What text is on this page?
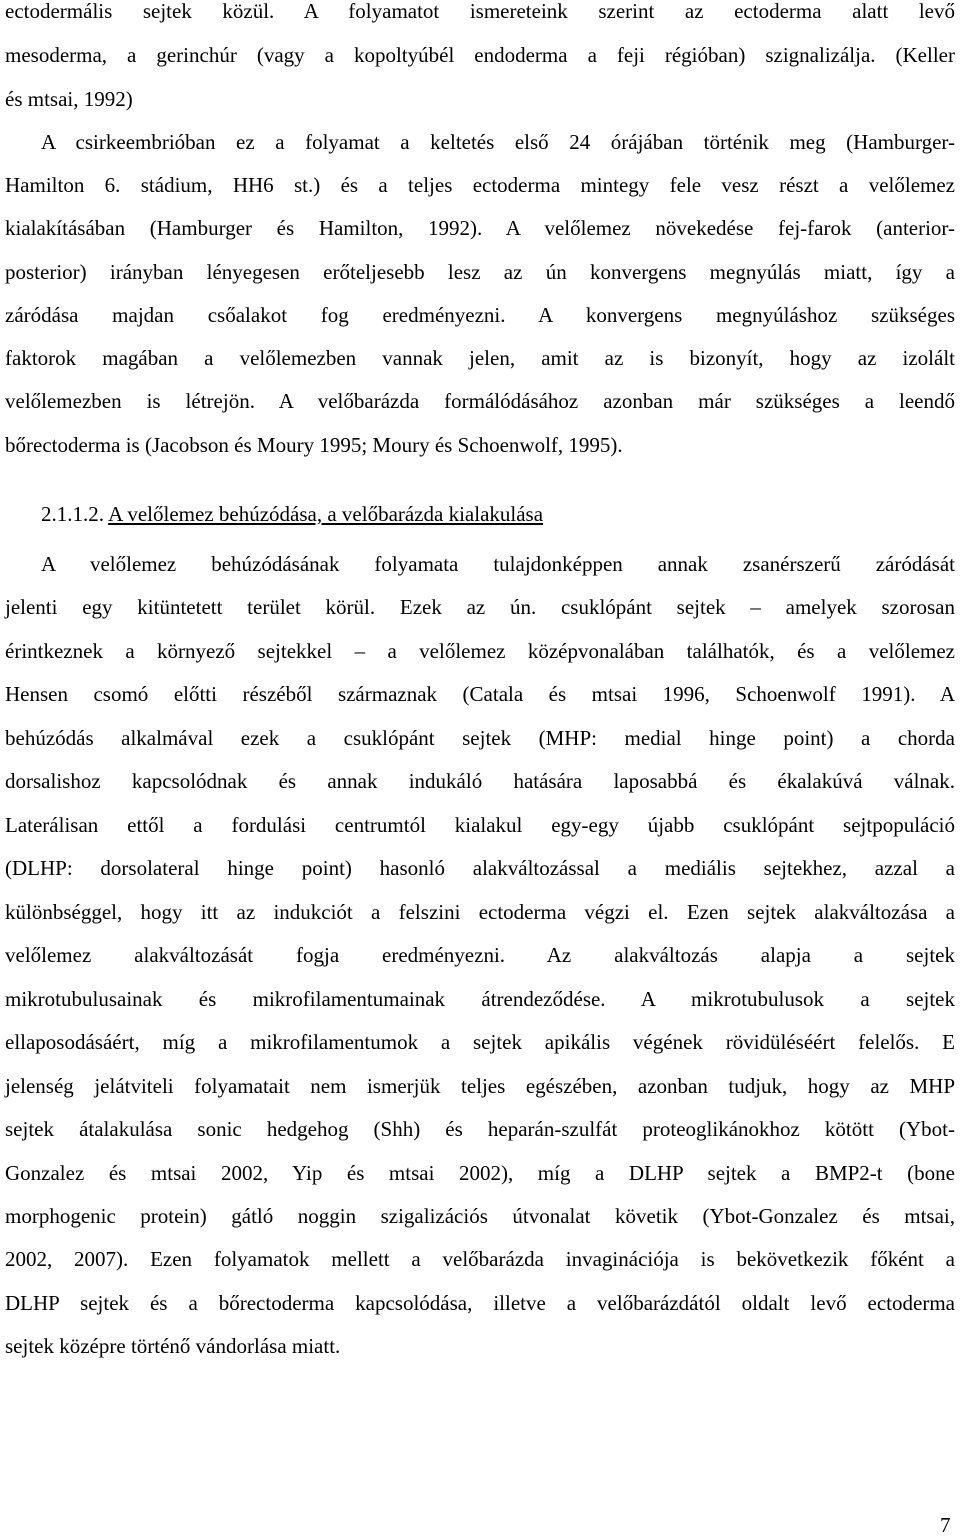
ectodermális sejtek közül. A folyamatot ismereteink szerint az ectoderma alatt levő
mesoderma, a gerinchúr (vagy a kopoltyúbél endoderma a feji régióban) szignalizálja. (Keller
és mtsai, 1992)
A csirkeembrióban ez a folyamat a keltetés első 24 órájában történik meg (Hamburger-
Hamilton 6. stádium, HH6 st.) és a teljes ectoderma mintegy fele vesz részt a velőlemez
kialakításában (Hamburger és Hamilton, 1992). A velőlemez növekedése fej-farok (anterior-
posterior) irányban lényegesen erőteljesebb lesz az ún konvergens megnyúlás miatt, így a
záródása majdan csőalakot fog eredményezni. A konvergens megnyúláshoz szükséges
faktorok magában a velőlemezben vannak jelen, amit az is bizonyít, hogy az izolált
velőlemezben is létrejön. A velőbarázda formálódásához azonban már szükséges a leendő
bőrectoderma is (Jacobson és Moury 1995; Moury és Schoenwolf, 1995).
2.1.1.2. A velőlemez behúzódása, a velőbarázda kialakulása
A velőlemez behúzódásának folyamata tulajdonképpen annak zsanérszerű záródását
jelenti egy kitüntetett terület körül. Ezek az ún. csuklópánt sejtek – amelyek szorosan
érintkeznek a környező sejtekkel – a velőlemez középvonalában találhatók, és a velőlemez
Hensen csomó előtti részéből származnak (Catala és mtsai 1996, Schoenwolf 1991). A
behúzódás alkalmával ezek a csuklópánt sejtek (MHP: medial hinge point) a chorda
dorsalishoz kapcsolódnak és annak indukáló hatására laposabbá és ékalakúvá válnak.
Laterálisan ettől a fordulási centrumtól kialakul egy-egy újabb csuklópánt sejtpopuláció
(DLHP: dorsolateral hinge point) hasonló alakváltozással a mediális sejtekhez, azzal a
különbséggel, hogy itt az indukciót a felszini ectoderma végzi el. Ezen sejtek alakváltozása a
velőlemez alakváltozását fogja eredményezni. Az alakváltozás alapja a sejtek
mikrotubulusainak és mikrofilamentumainak átrendeződése. A mikrotubulusok a sejtek
ellaposodásáért, míg a mikrofilamentumok a sejtek apikális végének rövidüléséért felelős. E
jelenség jelátviteli folyamatait nem ismerjük teljes egészében, azonban tudjuk, hogy az MHP
sejtek átalakulása sonic hedgehog (Shh) és heparán-szulfát proteoglikánokhoz kötött (Ybot-
Gonzalez és mtsai 2002, Yip és mtsai 2002), míg a DLHP sejtek a BMP2-t (bone
morphogenic protein) gátló noggin szigalizációs útvonalat követik (Ybot-Gonzalez és mtsai,
2002, 2007). Ezen folyamatok mellett a velőbarázda invaginációja is bekövetkezik főként a
DLHP sejtek és a bőrectoderma kapcsolódása, illetve a velőbarázdától oldalt levő ectoderma
sejtek középre történő vándorlása miatt.
7
